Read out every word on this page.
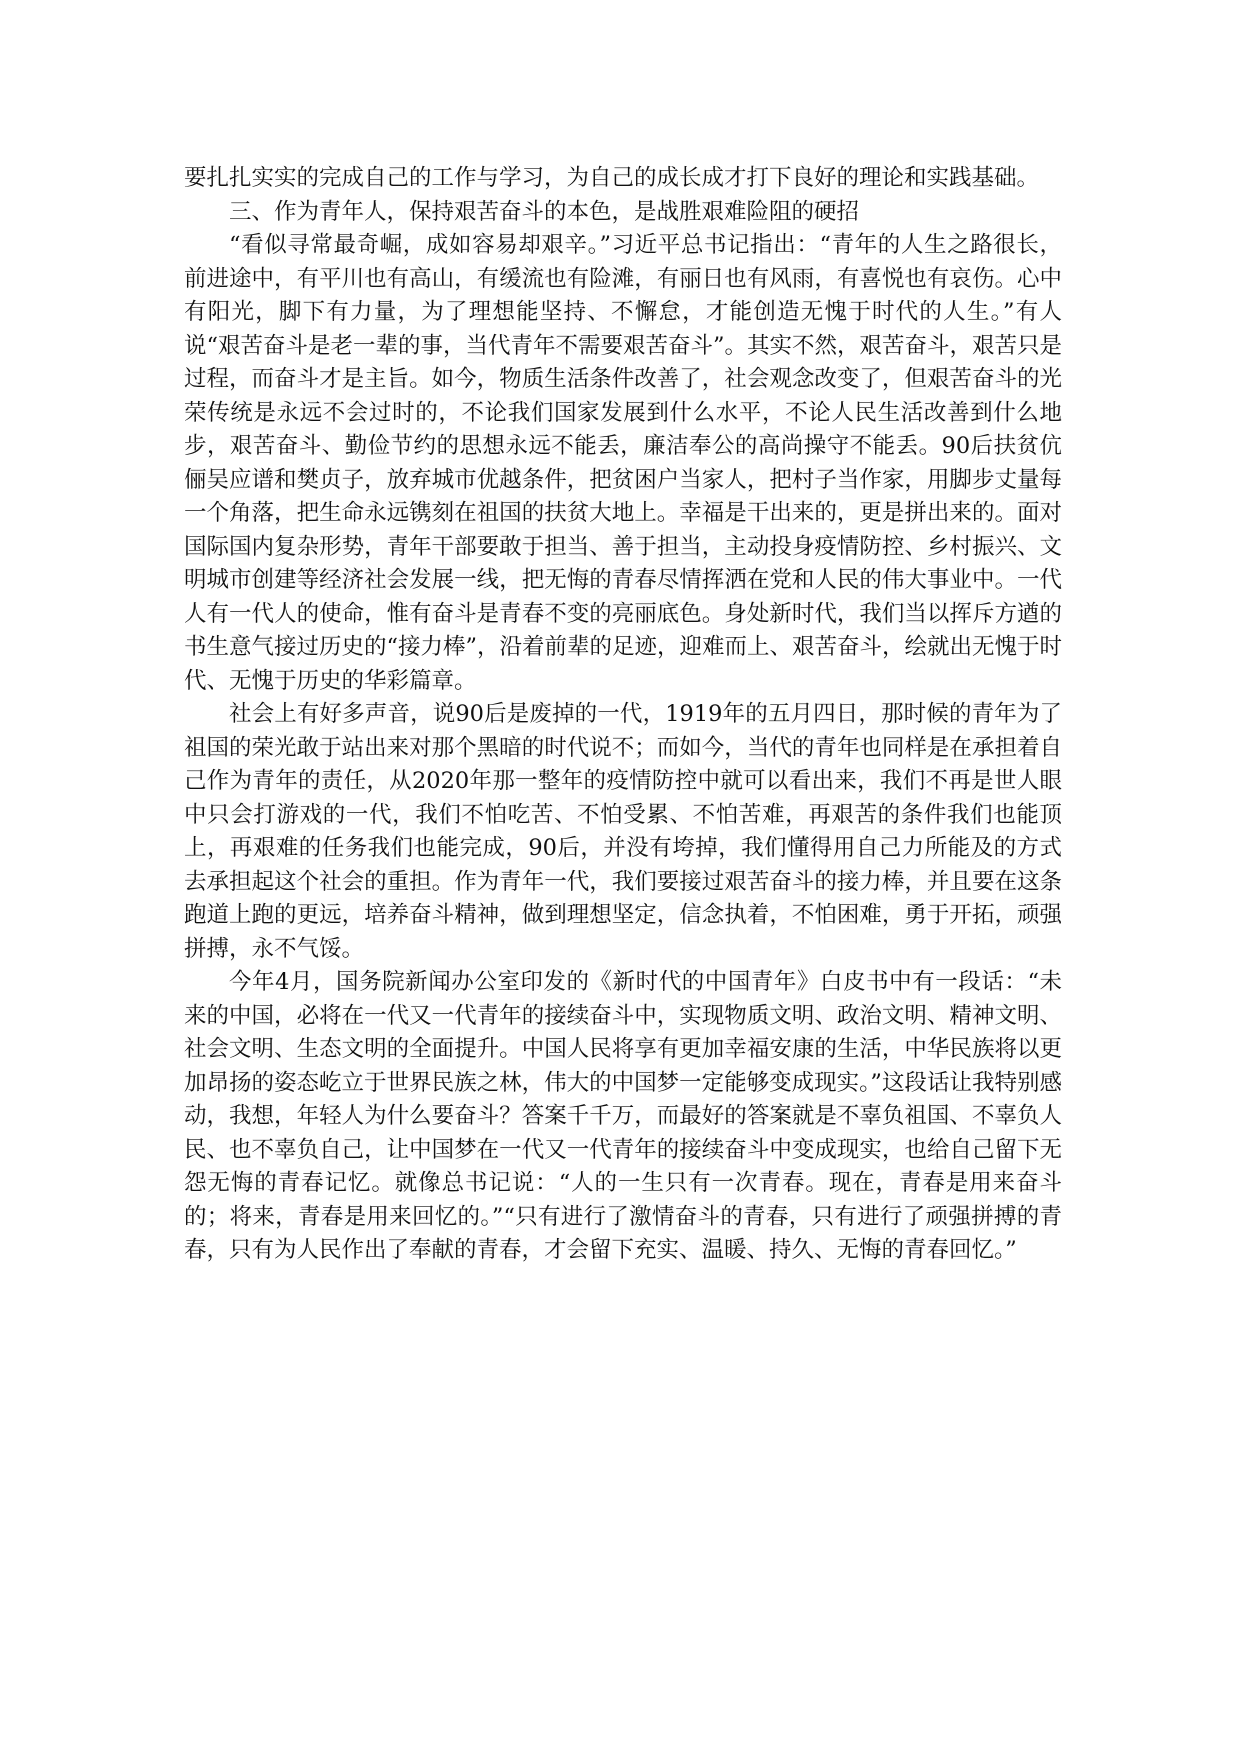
要扎扎实实的完成自己的工作与学习，为自己的成长成才打下良好的理论和实践基础。

三、作为青年人，保持艰苦奋斗的本色，是战胜艰难险阻的硬招

“看似寻常最奇崛，成如容易却艰辛。”习近平总书记指出：“青年的人生之路很长，前进途中，有平川也有高山，有缓流也有险滩，有丽日也有风雨，有喜悦也有哀伤。心中有阳光，脚下有力量，为了理想能坚持、不懈怠，才能创造无愧于时代的人生。”有人说“艰苦奋斗是老一辈的事，当代青年不需要艰苦奋斗”。其实不然，艰苦奋斗，艰苦只是过程，而奋斗才是主旨。如今，物质生活条件改善了，社会观念改变了，但艰苦奋斗的光荣传统是永远不会过时的，不论我们国家发展到什么水平，不论人民生活改善到什么地步，艰苦奋斗、勤俭节约的思想永远不能丢，廉洁奉公的高尚操守不能丢。90后扶贫伉俪吴应谱和樊贞子，放弃城市优越条件，把贫困户当家人，把村子当作家，用脚步丈量每一个角落，把生命永远镌刻在祖国的扶贫大地上。幸福是干出来的，更是拼出来的。面对国际国内复杂形势，青年干部要敢于担当、善于担当，主动投身疫情防控、乡村振兴、文明城市创建等经济社会发展一线，把无悔的青春尽情挥洒在党和人民的伟大事业中。一代人有一代人的使命，惟有奋斗是青春不变的亮丽底色。身处新时代，我们当以挥斥方遒的书生意气接过历史的“接力棒”，沿着前辈的足迹，迎难而上、艰苦奋斗，绘就出无愧于时代、无愧于历史的华彩篇章。

社会上有好多声音，说90后是废掉的一代，1919年的五月四日，那时候的青年为了祖国的荣光敢于站出来对那个黑暗的时代说不；而如今，当代的青年也同样是在承担着自己作为青年的责任，从2020年那一整年的疫情防控中就可以看出来，我们不再是世人眼中只会打游戏的一代，我们不怕吃苦、不怕受累、不怕苦难，再艰苦的条件我们也能顶上，再艰难的任务我们也能完成，90后，并没有垮掉，我们懂得用自己力所能及的方式去承担起这个社会的重担。作为青年一代，我们要接过艰苦奋斗的接力棒，并且要在这条跑道上跑的更远，培养奋斗精神，做到理想坚定，信念执着，不怕困难，勇于开拓，顽强拼搏，永不气馁。

今年4月，国务院新闻办公室印发的《新时代的中国青年》白皮书中有一段话：“未来的中国，必将在一代又一代青年的接续奋斗中，实现物质文明、政治文明、精神文明、社会文明、生态文明的全面提升。中国人民将享有更加幸福安康的生活，中华民族将以更加昂扬的姿态屹立于世界民族之林，伟大的中国梦一定能够变成现实。”这段话让我特别感动，我想，年轻人为什么要奋斗？答案千千万，而最好的答案就是不辜负祖国、不辜负人民、也不辜负自己，让中国梦在一代又一代青年的接续奋斗中变成现实，也给自己留下无怨无悔的青春记忆。就像总书记说：“人的一生只有一次青春。现在，青春是用来奋斗的；将来，青春是用来回忆的。”“只有进行了激情奋斗的青春，只有进行了顽强拼搏的青春，只有为人民作出了奉献的青春，才会留下充实、温暖、持久、无悔的青春回忆。”
